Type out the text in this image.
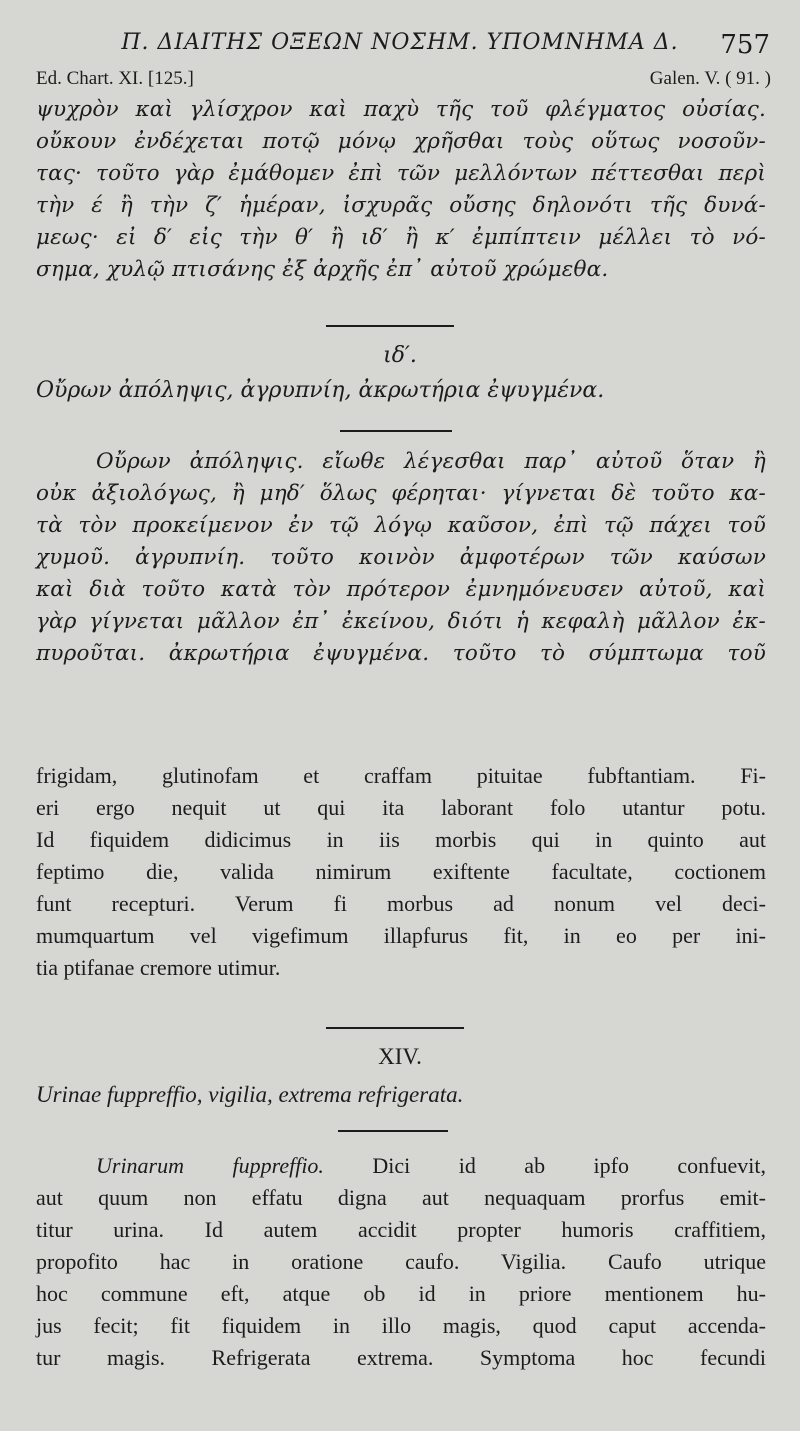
Π. ΔΙΑΙΤΗΣ ΟΞΕΩΝ ΝΟΣΗΜ. ΥΠΟΜΝΗΜΑ Δ.	757
Ed. Chart. XI. [125.]	Galen. V. ( 91. )
ψυχρὸν καὶ γλίσχρον καὶ παχὺ τῆς τοῦ φλέγματος οὐσίας.
οὔκουν ἐνδέχεται ποτῷ μόνῳ χρῆσθαι τοὺς οὕτως νοσοῦν-
τας· τοῦτο γὰρ ἐμάθομεν ἐπὶ τῶν μελλόντων πέττεσθαι περὶ
τὴν έ ἢ τὴν ζ′ ἡμέραν, ἰσχυρᾶς οὔσης δηλονότι τῆς δυνά-
μεως· εἰ δ′ εἰς τὴν θ′ ἢ ιδ′ ἢ κ′ ἐμπίπτειν μέλλει τὸ νό-
σημα, χυλῷ πτισάνης ἐξ ἀρχῆς ἐπ᾿ αὐτοῦ χρώμεθα.
ιδ′.
Οὔρων ἀπόληψις, ἀγρυπνίη, ἀκρωτήρια ἐψυγμένα.
Οὔρων ἀπόληψις. εἴωθε λέγεσθαι παρ᾿ αὐτοῦ ὅταν ἢ
οὐκ ἀξιολόγως, ἢ μηδ′ ὅλως φέρηται· γίγνεται δὲ τοῦτο κα-
τὰ τὸν προκείμενον ἐν τῷ λόγῳ καῦσον, ἐπὶ τῷ πάχει τοῦ
χυμοῦ. ἀγρυπνίη. τοῦτο κοινὸν ἀμφοτέρων τῶν καύσων
καὶ διὰ τοῦτο κατὰ τὸν πρότερον ἐμνημόνευσεν αὐτοῦ, καὶ
γὰρ γίγνεται μᾶλλον ἐπ᾿ ἐκείνου, διότι ἡ κεφαλὴ μᾶλλον ἐκ-
πυροῦται. ἀκρωτήρια ἐψυγμένα. τοῦτο τὸ σύμπτωμα τοῦ
frigidam, glutinofam et craffam pituitae fubftantiam. Fi-
eri ergo nequit ut qui ita laborant folo utantur potu.
Id fiquidem didicimus in iis morbis qui in quinto aut
feptimo die, valida nimirum exiftente facultate, coctionem
funt recepturi. Verum fi morbus ad nonum vel deci-
mumquartum vel vigefimum illapfurus fit, in eo per ini-
tia ptifanae cremore utimur.
XIV.
Urinae fuppreffio, vigilia, extrema refrigerata.
Urinarum fuppreffio. Dici id ab ipfo confuevit,
aut quum non effatu digna aut nequaquam prorfus emit-
titur urina. Id autem accidit propter humoris craffitiem,
propofito hac in oratione caufo. Vigilia. Caufo utrique
hoc commune eft, atque ob id in priore mentionem hu-
jus fecit; fit fiquidem in illo magis, quod caput accenda-
tur magis. Refrigerata extrema. Symptoma hoc fecundi
